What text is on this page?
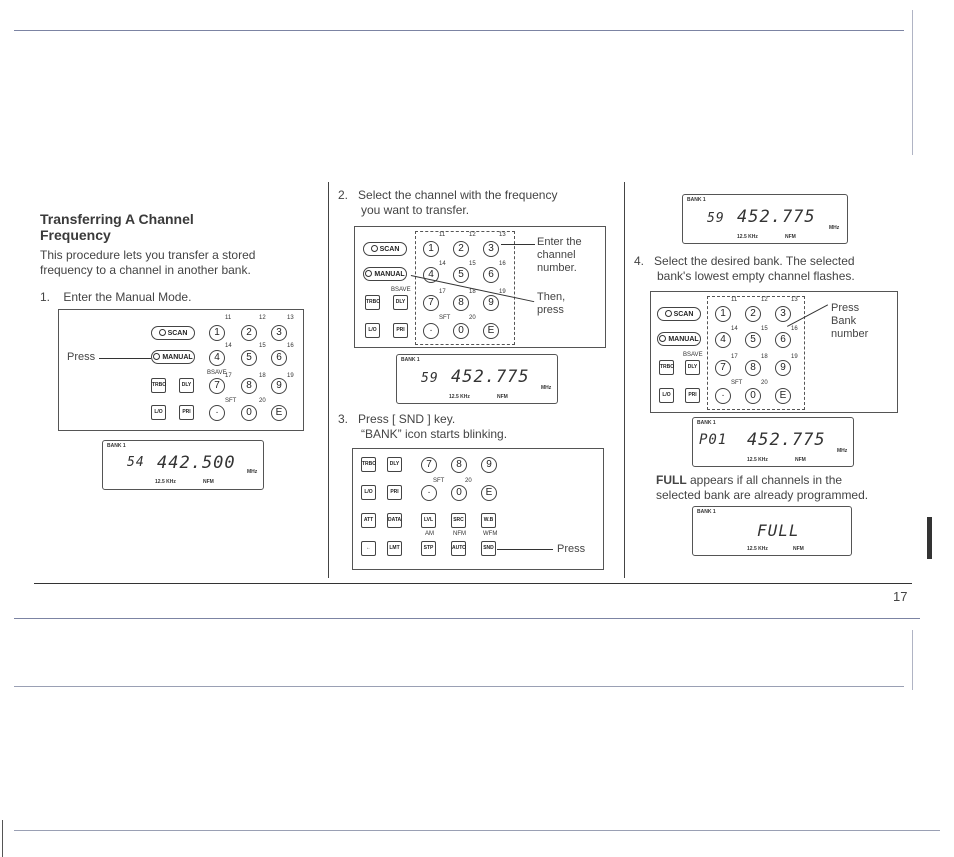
17
Transferring A Channel
Frequency
This procedure lets you transfer a stored
frequency to a channel in another bank.
1. Enter the Manual Mode.
11	12	13
SCAN	1	2	3
14	15	16
MANUAL	4	5	6
BSAVE
17	18	19
TRBO	DLY	7	8	9
SFT	20
L/O	PRI	·	0	E
Press
BANK 1
54 442.500 MHz
12.5 KHz	NFM
2. Select the channel with the frequency
you want to transfer.
11	12	13
SCAN	1	2	3
14	15	16
MANUAL	4	5	6
BSAVE	17	18	19
TRBO	DLY	7	8	9
SFT	20
L/O	PRI	·	0	E
Enter the
channel
number.
Then,
press
BANK 1
59 452.775
MHz
12.5 KHz	NFM
3. Press [ SND ] key.
“BANK” icon starts blinking.
TRBO	DLY	7	8	9
SFT	20
L/O	PRI	·	0	E
ATT	DATA	LVL	SRC	W.B
AM	NFM	WFM
←	LMT	STP	AUTO	SND	Press
BANK 1
59 452.775
MHz
12.5 KHz	NFM
4. Select the desired bank. The selected
bank's lowest empty channel flashes.
11	12	13
SCAN	1	2	3
14	15	16
MANUAL	4	5	6
BSAVE	17	18	19
TRBO	DLY	7	8	9
SFT	20
L/O	PRI	·	0	E
Press
Bank
number
BANK 1
P01 452.775
MHz
12.5 KHz	NFM
FULL appears if all channels in the
selected bank are already programmed.
BANK 1
FULL
12.5 KHz	NFM
